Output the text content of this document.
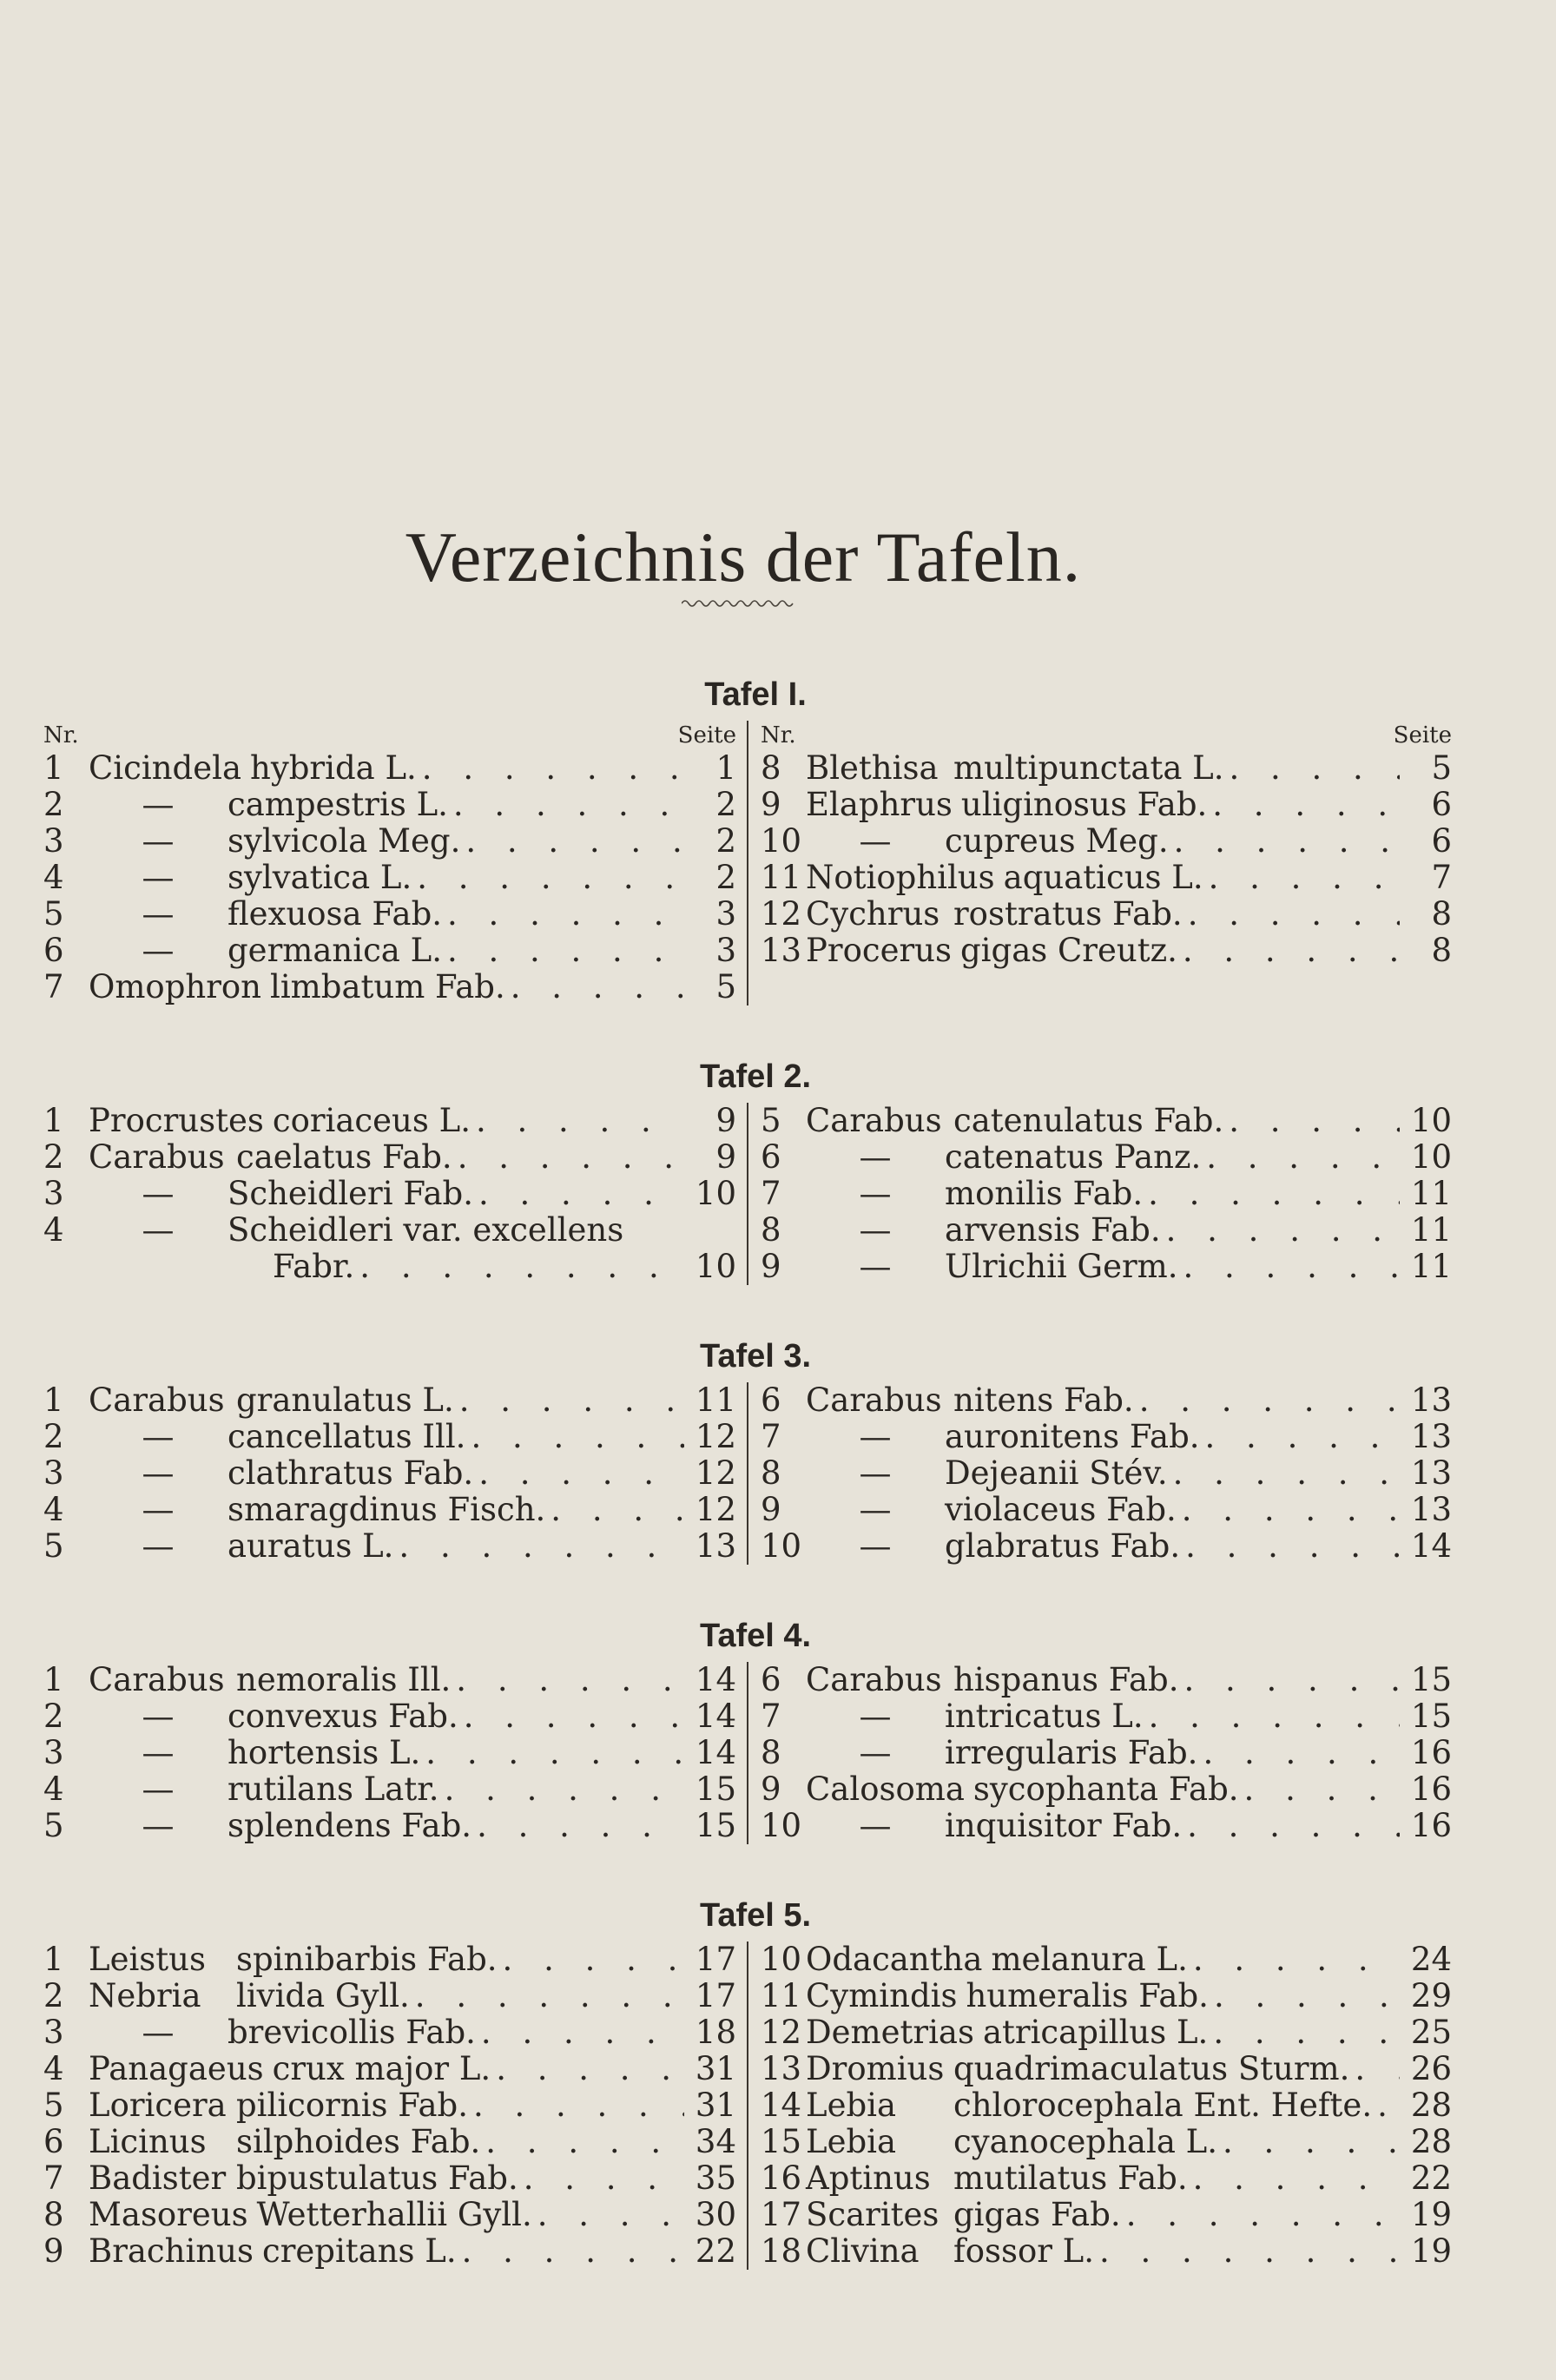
Verzeichnis der Tafeln.
Tafel I.
Nr.	Seite
1 Cicindela hybrida L. . . .	1
2	—	campestris L. . . .	2
3	—	sylvicola Meg. . . .	2
4	—	sylvatica L. . . .	2
5	—	flexuosa Fab. . . .	3
6	—	germanica L. . . .	3
7 Omophron limbatum Fab. . . .	5
Nr.	Seite
8 Blethisa multipunctata L. . . .	5
9 Elaphrus uliginosus Fab. . . .	6
10	—	cupreus Meg. . . .	6
11 Notiophilus aquaticus L. . . .	7
12 Cychrus rostratus Fab. . . .	8
13 Procerus gigas Creutz. . . .	8
Tafel 2.
1 Procrustes coriaceus L. . . .	9
2 Carabus caelatus Fab. . . .	9
3	—	Scheidleri Fab. . . .	10
4	—	Scheidleri var. excellens
Fabr. . . .	10
5 Carabus catenulatus Fab. . . .	10
6	—	catenatus Panz. . . .	10
7	—	monilis Fab. . . .	11
8	—	arvensis Fab. . . .	11
9	—	Ulrichii Germ. . . .	11
Tafel 3.
1 Carabus granulatus L. . . .	11
2	—	cancellatus Ill. . . .	12
3	—	clathratus Fab. . . .	12
4	—	smaragdinus Fisch. . . .	12
5	—	auratus L. . . .	13
6 Carabus nitens Fab. . . .	13
7	—	auronitens Fab. . . .	13
8	—	Dejeanii Stév. . . .	13
9	—	violaceus Fab. . . .	13
10	—	glabratus Fab. . . .	14
Tafel 4.
1 Carabus nemoralis Ill. . . .	14
2	—	convexus Fab. . . .	14
3	—	hortensis L. . . .	14
4	—	rutilans Latr. . . .	15
5	—	splendens Fab. . . .	15
6 Carabus hispanus Fab. . . .	15
7	—	intricatus L. . . .	15
8	—	irregularis Fab. . . .	16
9 Calosoma sycophanta Fab. . . .	16
10	—	inquisitor Fab. . . .	16
Tafel 5.
1 Leistus spinibarbis Fab. . . .	17
2 Nebria	livida Gyll. . . .	17
3	—	brevicollis Fab. . . .	18
4 Panagaeus crux major L. . . .	31
5 Loricera pilicornis Fab. . . .	31
6 Licinus silphoides Fab. . . .	34
7 Badister bipustulatus Fab. . . .	35
8 Masoreus Wetterhallii Gyll. . . .	30
9 Brachinus crepitans L. . . .	22
10 Odacantha melanura L. . . .	24
11 Cymindis humeralis Fab. . . .	29
12 Demetrias atricapillus L. . . .	25
13 Dromius quadrimaculatus Sturm. . . .	26
14 Lebia	chlorocephala Ent. Hefte. . . .	28
15 Lebia	cyanocephala L. . . .	28
16 Aptinus mutilatus Fab. . . .	22
17 Scarites gigas Fab. . . .	19
18 Clivina	fossor L. . . .	19
